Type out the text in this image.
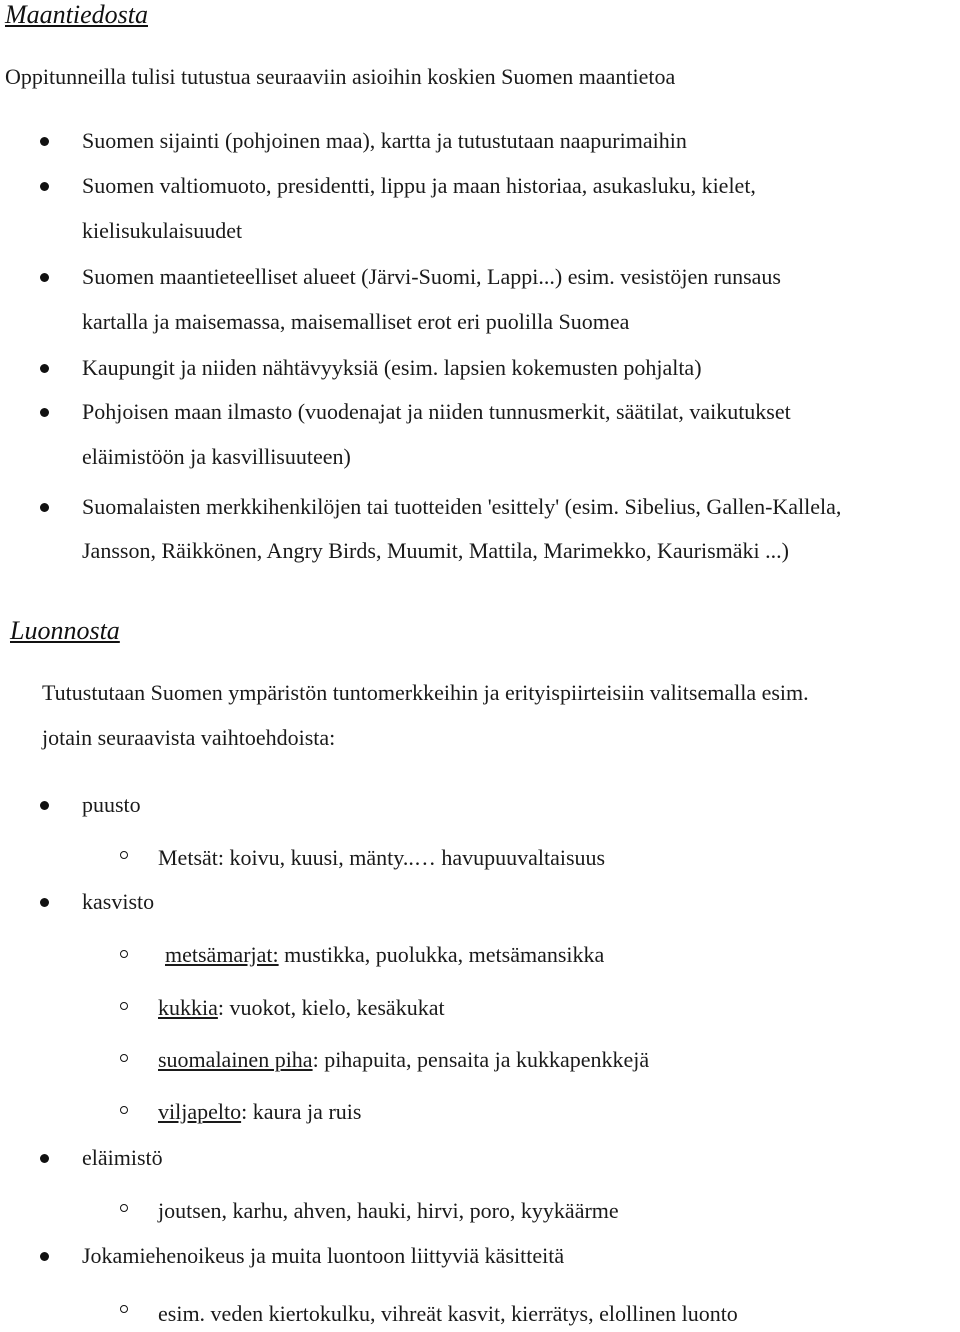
Maantiedosta
Oppitunneilla tulisi tutustua seuraaviin asioihin koskien Suomen maantietoa
Suomen sijainti (pohjoinen maa), kartta ja tutustutaan naapurimaihin
Suomen valtiomuoto, presidentti, lippu ja maan historiaa, asukasluku, kielet,
kielisukulaisuudet
Suomen maantieteelliset alueet (Järvi-Suomi, Lappi...) esim. vesistöjen runsaus
kartalla ja maisemassa, maisemalliset erot eri puolilla Suomea
Kaupungit ja niiden nähtävyyksiä (esim. lapsien kokemusten pohjalta)
Pohjoisen maan ilmasto (vuodenajat ja niiden tunnusmerkit, säätilat, vaikutukset
eläimistöön ja kasvillisuuteen)
Suomalaisten merkkihenkilöjen tai tuotteiden 'esittely' (esim. Sibelius, Gallen-Kallela,
Jansson, Räikkönen, Angry Birds, Muumit, Mattila, Marimekko, Kaurismäki ...)
Luonnosta
Tutustutaan Suomen ympäristön tuntomerkkeihin ja erityispiirteisiin valitsemalla esim.
jotain seuraavista vaihtoehdoista:
puusto
Metsät: koivu, kuusi, mänty..… havupuuvaltaisuus
kasvisto
metsämarjat: mustikka, puolukka, metsämansikka
kukkia: vuokot, kielo, kesäkukat
suomalainen piha: pihapuita, pensaita ja kukkapenkkejä
viljapelto: kaura ja ruis
eläimistö
joutsen, karhu, ahven, hauki, hirvi, poro, kyykäärme
Jokamiehenoikeus ja muita luontoon liittyviä käsitteitä
esim. veden kiertokulku, vihreät kasvit, kierrätys, elollinen luonto
